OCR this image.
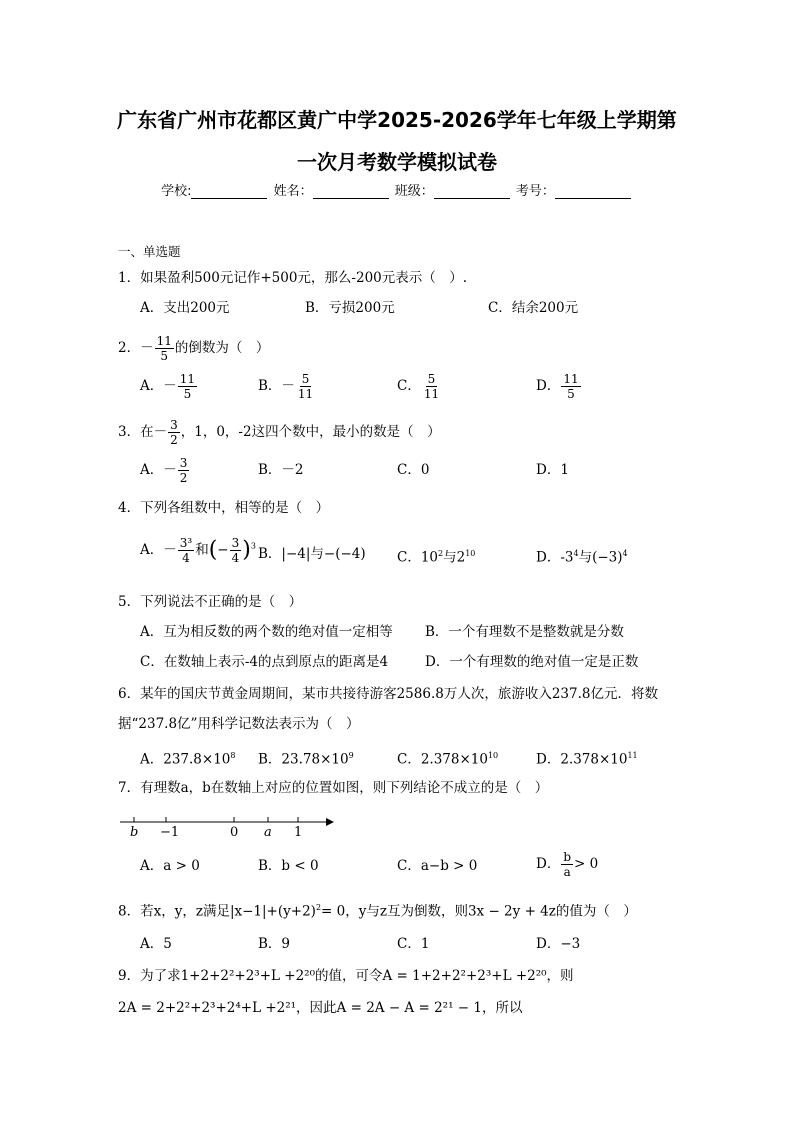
广东省广州市花都区黄广中学2025-2026学年七年级上学期第
一次月考数学模拟试卷
学校:	姓名：	班级：	考号：
一、单选题
1．如果盈利500元记作+500元，那么-200元表示（　）.
A．支出200元	B．亏损200元	C．结余200元
2．－ $\frac{11}{5}$ 的倒数为（　）
A．－ $\frac{11}{5}$	B．－ $\frac{5}{11}$	C． $\frac{5}{11}$	D． $\frac{11}{5}$
3．在－ $\frac{3}{2}$ ，1，0，-2这四个数中，最小的数是（　）
A．－ $\frac{3}{2}$	B．－2	C．0	D．1
4．下列各组数中，相等的是（　）
A．－ $\frac{\text{3³}}{4}$ 和(− $\frac{3}{4} )^3$ B．|−4|与−(−4) C．$10^2$与$2^{10}$	D．$-3^4$与$(-3)^4$
5．下列说法不正确的是（　）
A．互为相反数的两个数的绝对值一定相等 B．一个有理数不是整数就是分数
C．在数轴上表示-4的点到原点的距离是4	D．一个有理数的绝对值一定是正数
6．某年的国庆节黄金周期间，某市共接待游客2586.8万人次，旅游收入237.8亿元．将数
据“237.8亿”用科学记数法表示为（　）
A．$237.8\times 10^8$ B．$23.78\times 10^9$	C．$2.378\times 10^{10}$	D．$2.378\times 10^{11}$
7．有理数a，b在数轴上对应的位置如图，则下列结论不成立的是（　）
b −1	0 a 1
A．a > 0	B．b < 0	C．a−b > 0	D． $\frac{b}{a} > 0$
8．若x，y，z满足$|x-1|+(y+2)^2= 0$，y与z互为倒数，则3x − 2y + 4z的值为（　）
A．5	B．9	C．1	D．−3
9．为了求1+2+2²+2³+L +2²⁰的值，可令A = 1+2+2²+2³+L +2²⁰，则
2A = 2+2²+2³+2⁴+L +2²¹，因此A = 2A − A = 2²¹ − 1，所以
